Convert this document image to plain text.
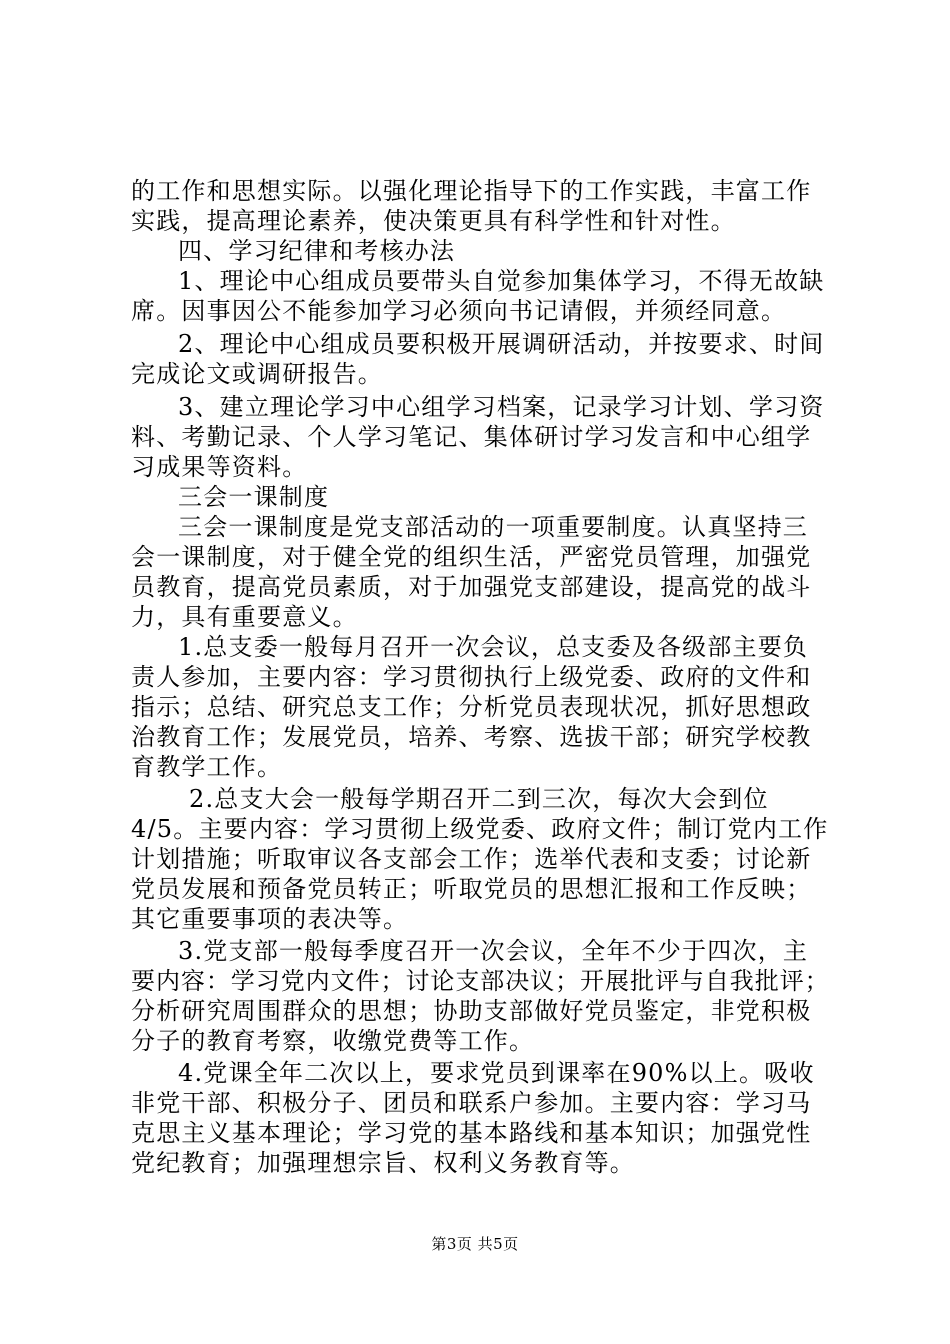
的工作和思想实际。以强化理论指导下的工作实践，丰富工作
实践，提高理论素养，使决策更具有科学性和针对性。
四、学习纪律和考核办法
1、理论中心组成员要带头自觉参加集体学习，不得无故缺
席。因事因公不能参加学习必须向书记请假，并须经同意。
2、理论中心组成员要积极开展调研活动，并按要求、时间
完成论文或调研报告。
3、建立理论学习中心组学习档案，记录学习计划、学习资
料、考勤记录、个人学习笔记、集体研讨学习发言和中心组学
习成果等资料。
三会一课制度
三会一课制度是党支部活动的一项重要制度。认真坚持三
会一课制度，对于健全党的组织生活，严密党员管理，加强党
员教育，提高党员素质，对于加强党支部建设，提高党的战斗
力，具有重要意义。
1.总支委一般每月召开一次会议，总支委及各级部主要负
责人参加，主要内容：学习贯彻执行上级党委、政府的文件和
指示；总结、研究总支工作；分析党员表现状况，抓好思想政
治教育工作；发展党员，培养、考察、选拔干部；研究学校教
育教学工作。
2.总支大会一般每学期召开二到三次，每次大会到位
4/5。主要内容：学习贯彻上级党委、政府文件；制订党内工作
计划措施；听取审议各支部会工作；选举代表和支委；讨论新
党员发展和预备党员转正；听取党员的思想汇报和工作反映；
其它重要事项的表决等。
3.党支部一般每季度召开一次会议，全年不少于四次，主
要内容：学习党内文件；讨论支部决议；开展批评与自我批评；
分析研究周围群众的思想；协助支部做好党员鉴定，非党积极
分子的教育考察，收缴党费等工作。
4.党课全年二次以上，要求党员到课率在90%以上。吸收
非党干部、积极分子、团员和联系户参加。主要内容：学习马
克思主义基本理论；学习党的基本路线和基本知识；加强党性
党纪教育；加强理想宗旨、权利义务教育等。
第3页 共5页
